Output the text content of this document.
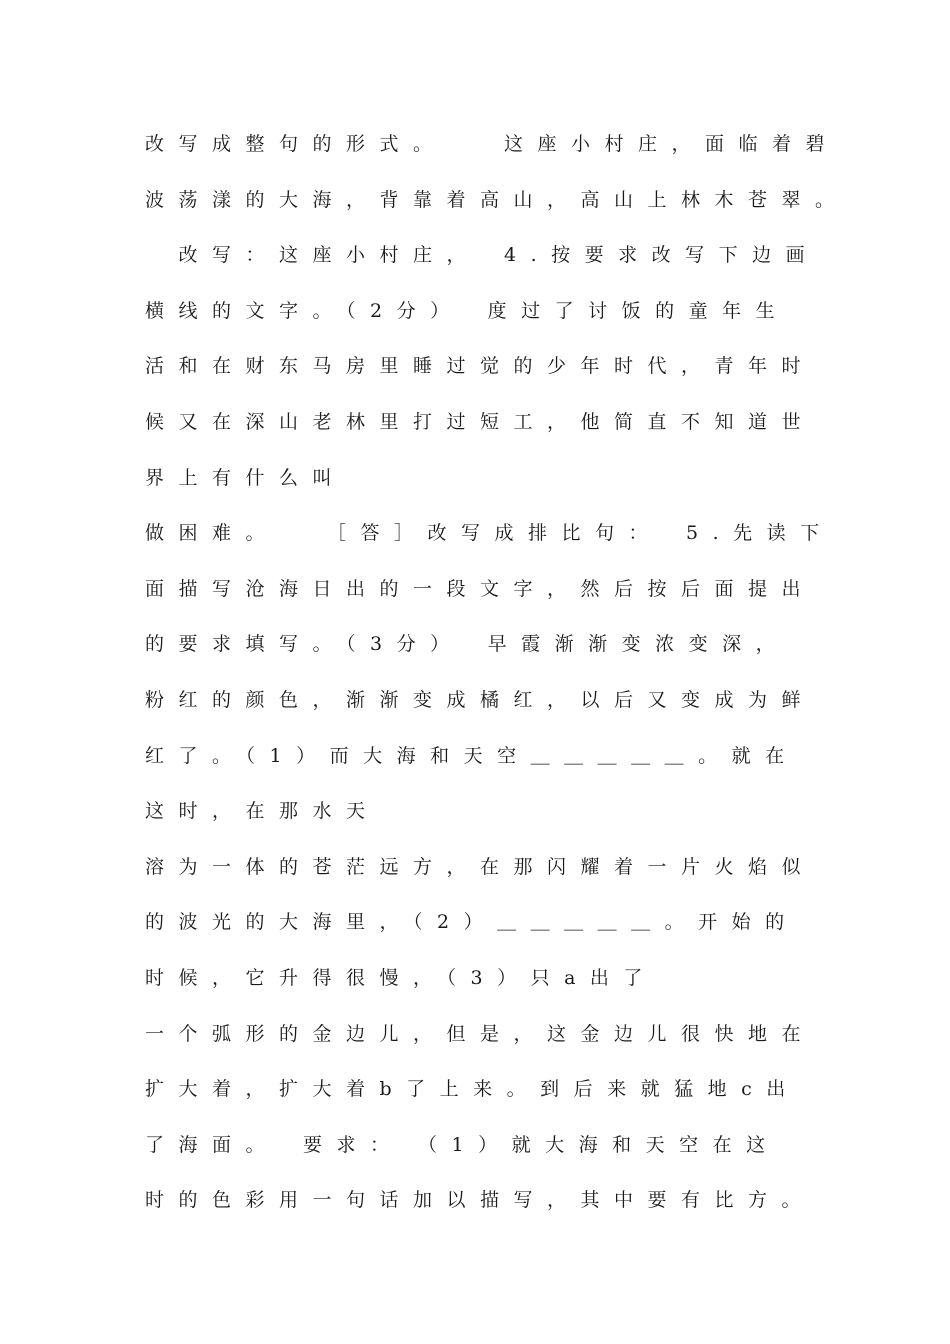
改写成整句的形式。　　这座小村庄，面临着碧
波荡漾的大海，背靠着高山，高山上林木苍翠。
　改写：这座小村庄，　4.按要求改写下边画
横线的文字。（2分）　度过了讨饭的童年生
活和在财东马房里睡过觉的少年时代，青年时
候又在深山老林里打过短工，他简直不知道世
界上有什么叫
做困难。　　［答］改写成排比句：　5.先读下
面描写沧海日出的一段文字，然后按后面提出
的要求填写。（3分）　早霞渐渐变浓变深，
粉红的颜色，渐渐变成橘红，以后又变成为鲜
红了。（1）而大海和天空＿＿＿＿＿。就在
这时，在那水天
溶为一体的苍茫远方，在那闪耀着一片火焰似
的波光的大海里，（2）＿＿＿＿＿。开始的
时候，它升得很慢，（3）只a出了
一个弧形的金边儿，但是，这金边儿很快地在
扩大着，扩大着b了上来。到后来就猛地c出
了海面。　要求：　（1）就大海和天空在这
时的色彩用一句话加以描写，其中要有比方。
